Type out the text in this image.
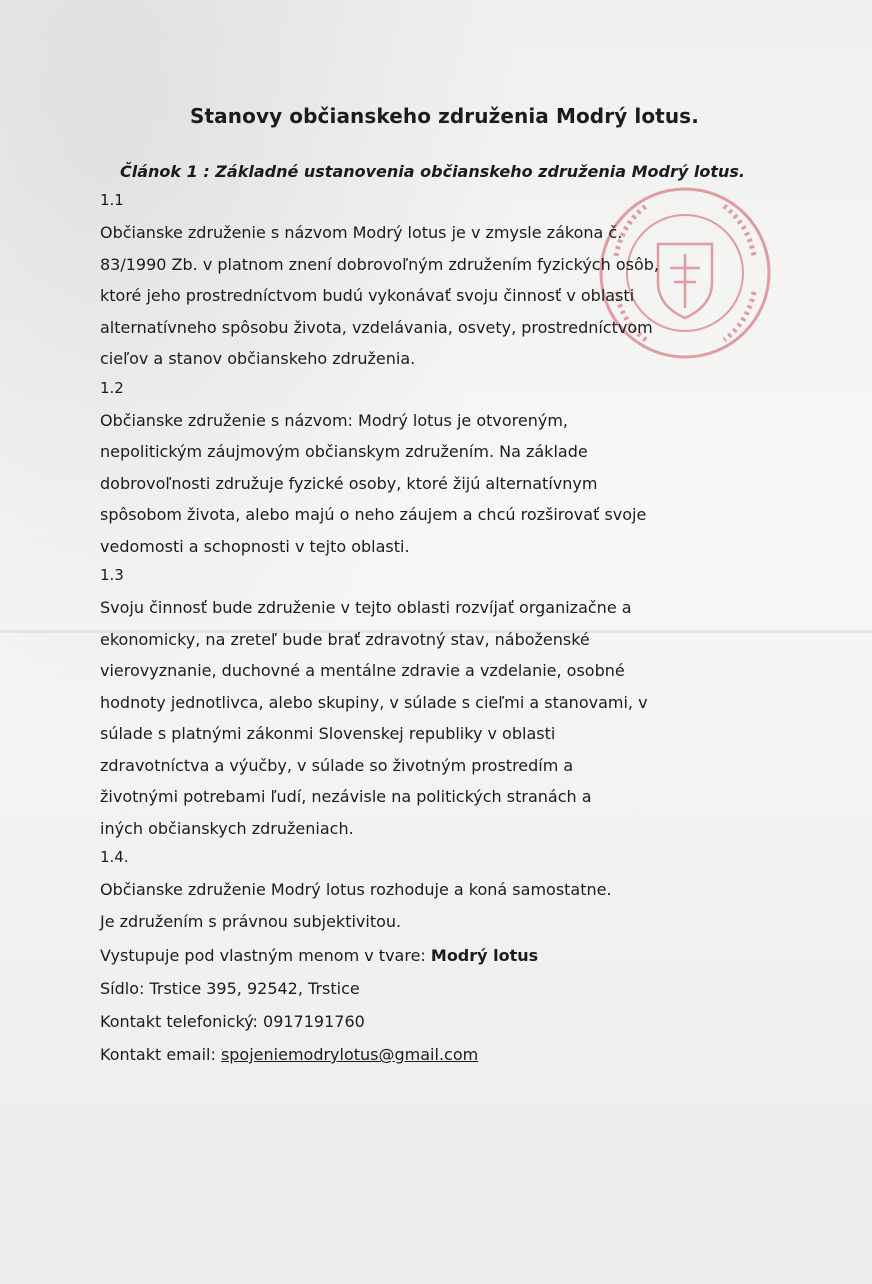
Stanovy občianskeho združenia Modrý lotus.
Článok 1 : Základné ustanovenia občianskeho združenia Modrý lotus.
1.1
Občianske združenie s názvom Modrý lotus je v zmysle zákona č.
83/1990 Zb. v platnom znení dobrovoľným združením fyzických osôb,
ktoré jeho prostredníctvom budú vykonávať svoju činnosť v oblasti
alternatívneho spôsobu života, vzdelávania, osvety, prostredníctvom
cieľov a stanov občianskeho združenia.
1.2
Občianske združenie s názvom: Modrý lotus je otvoreným,
nepolitickým záujmovým občianskym združením. Na základe
dobrovoľnosti združuje fyzické osoby, ktoré žijú alternatívnym
spôsobom života, alebo majú o neho záujem a chcú rozširovať svoje
vedomosti a schopnosti v tejto oblasti.
1.3
Svoju činnosť bude združenie v tejto oblasti rozvíjať organizačne a
ekonomicky, na zreteľ bude brať zdravotný stav, náboženské
vierovyznanie, duchovné a mentálne zdravie a vzdelanie, osobné
hodnoty jednotlivca, alebo skupiny, v súlade s cieľmi a stanovami, v
súlade s platnými zákonmi Slovenskej republiky v oblasti
zdravotníctva a výučby, v súlade so životným prostredím a
životnými potrebami ľudí, nezávisle na politických stranách a
iných občianskych združeniach.
1.4.
Občianske združenie Modrý lotus rozhoduje a koná samostatne.
Je združením s právnou subjektivitou.
Vystupuje pod vlastným menom v tvare: Modrý lotus
Sídlo: Trstice 395, 92542, Trstice
Kontakt telefonický: 0917191760
Kontakt email: spojeniemodrylotus@gmail.com
